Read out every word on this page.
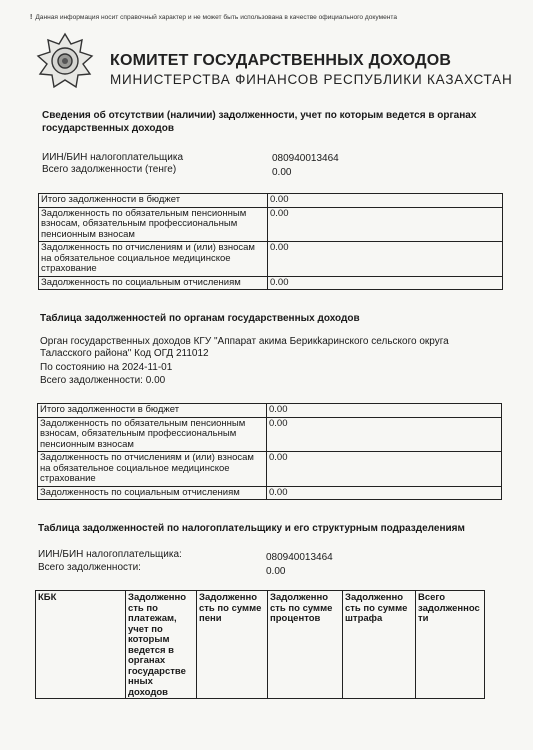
! Данная информация носит справочный характер и не может быть использована в качестве официального документа
КОМИТЕТ ГОСУДАРСТВЕННЫХ ДОХОДОВ
МИНИСТЕРСТВА ФИНАНСОВ РЕСПУБЛИКИ КАЗАХСТАН
Сведения об отсутствии (наличии) задолженности, учет по которым ведется в органах государственных доходов
ИИН/БИН налогоплательщика	080940013464
Всего задолженности (тенге)	0.00
Итого задолженности в бюджет	0.00
Задолженность по обязательным пенсионным взносам, обязательным профессиональным пенсионным взносам	0.00
Задолженность по отчислениям и (или) взносам на обязательное социальное медицинское страхование	0.00
Задолженность по социальным отчислениям	0.00
Таблица задолженностей по органам государственных доходов
Орган государственных доходов КГУ "Аппарат акима Берикkаринского сельского округа Таласского района" Код ОГД 211012
По состоянию на 2024-11-01
Всего задолженности: 0.00
Итого задолженности в бюджет	0.00
Задолженность по обязательным пенсионным взносам, обязательным профессиональным пенсионным взносам	0.00
Задолженность по отчислениям и (или) взносам на обязательное социальное медицинское страхование	0.00
Задолженность по социальным отчислениям	0.00
Таблица задолженностей по налогоплательщику и его структурным подразделениям
ИИН/БИН налогоплательщика:	080940013464
Всего задолженности:	0.00
КБК	Задолженно сть по платежам, учет по которым ведется в органах государстве нных доходов	Задолженно сть по сумме пени	Задолженно сть по сумме процентов	Задолженно сть по сумме штрафа	Всего задолженнос ти
